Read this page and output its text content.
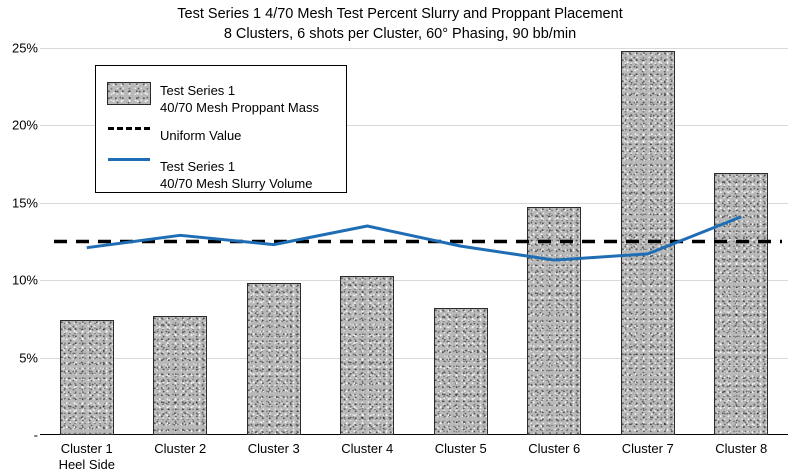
Test Series 1 4/70 Mesh Test Percent Slurry and Proppant Placement
8 Clusters, 6 shots per Cluster, 60° Phasing, 90 bb/min
-
5%
10%
15%
20%
25%
Cluster 1
Heel Side
Cluster 2	Cluster 3	Cluster 4	Cluster 5	Cluster 6	Cluster 7	Cluster 8
Test Series 1
40/70 Mesh Proppant Mass
Uniform Value
Test Series 1
40/70 Mesh Slurry Volume
